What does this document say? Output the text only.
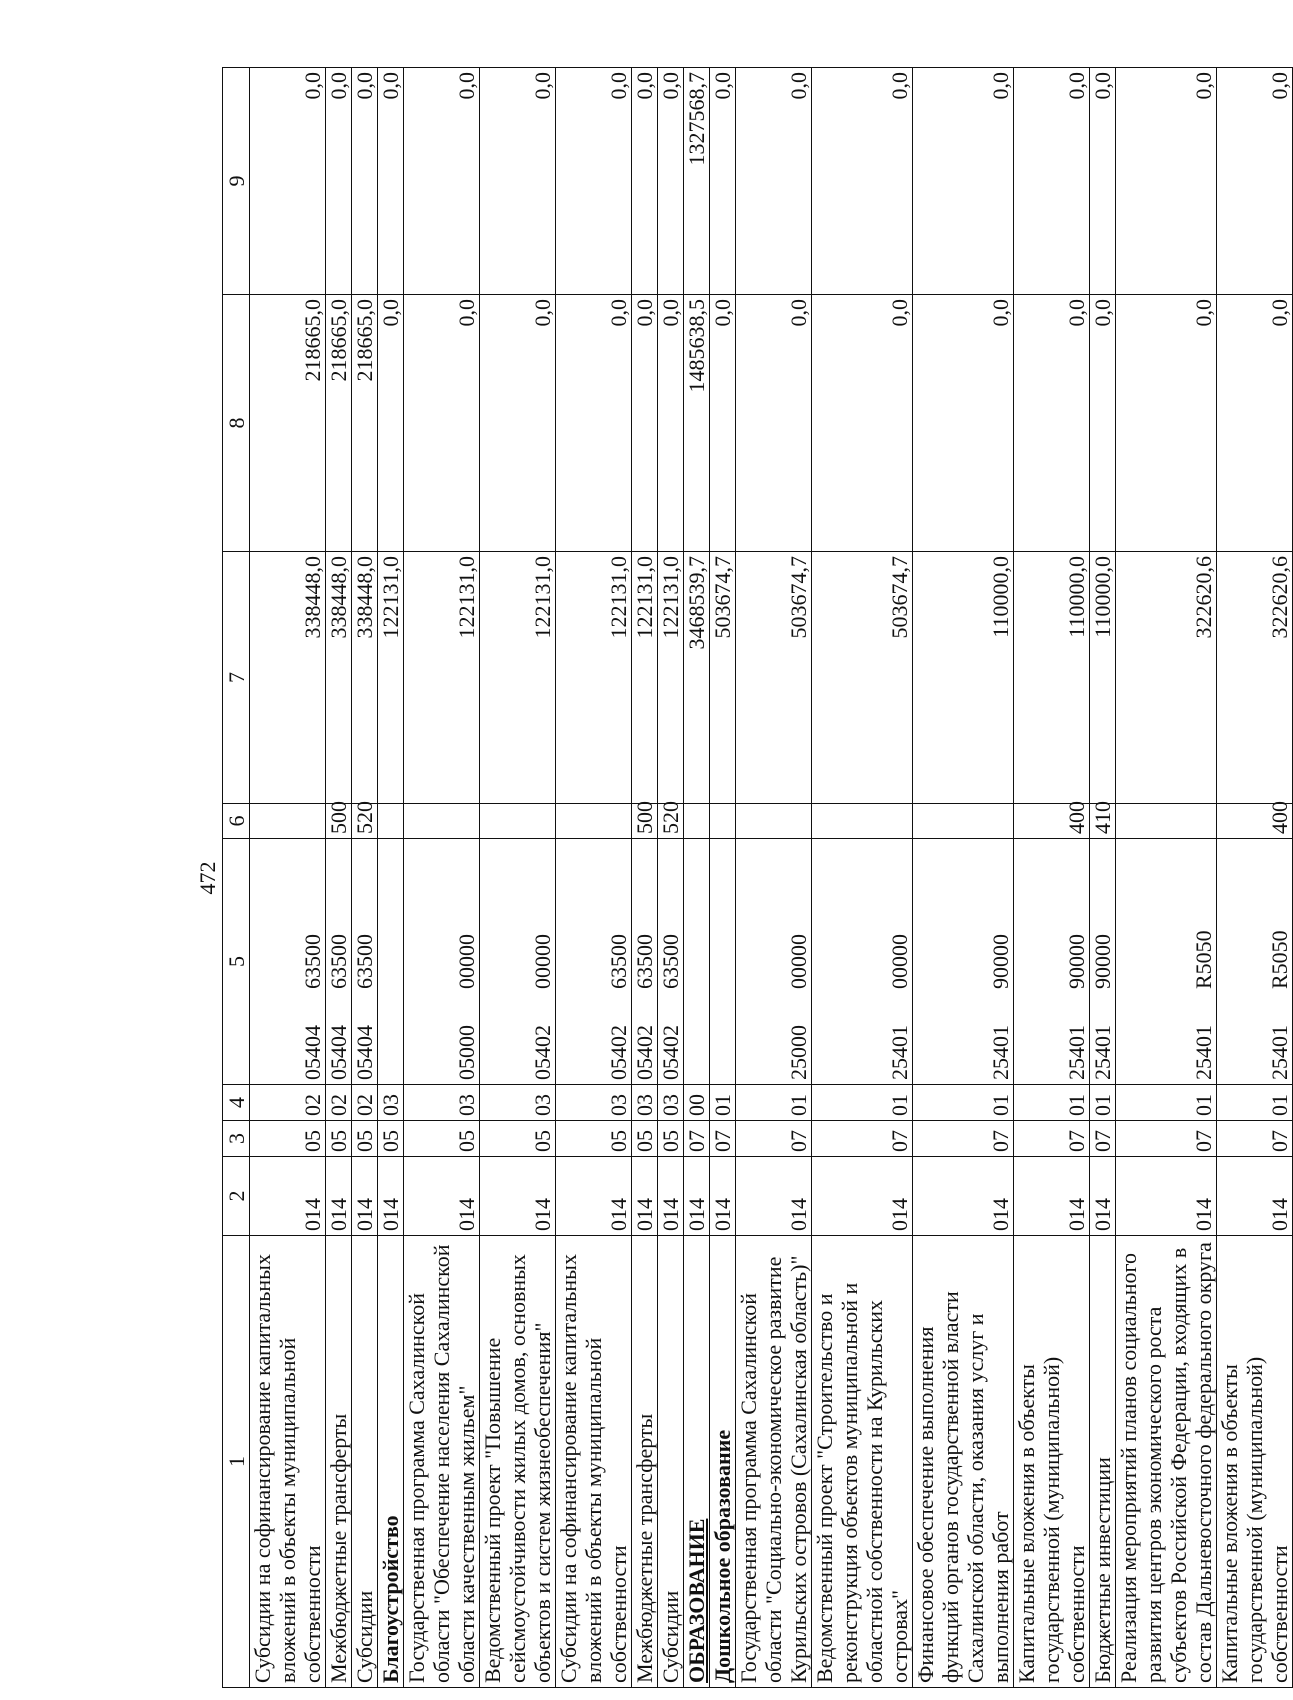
472
1	2	3	4	5	6	7	8	9
Субсидии на софинансирование капитальных вложений в объекты муниципальной собственности	014	05	02	0540463500		338448,0	218665,0	0,0
Межбюджетные трансферты	014	05	02	0540463500	500	338448,0	218665,0	0,0
Субсидии	014	05	02	0540463500	520	338448,0	218665,0	0,0
Благоустройство	014	05	03			122131,0	0,0	0,0
Государственная программа Сахалинской области "Обеспечение населения Сахалинской области качественным жильем"	014	05	03	0500000000		122131,0	0,0	0,0
Ведомственный проект "Повышение сейсмоустойчивости жилых домов, основных объектов и систем жизнеобеспечения"	014	05	03	0540200000		122131,0	0,0	0,0
Субсидии на софинансирование капитальных вложений в объекты муниципальной собственности	014	05	03	0540263500		122131,0	0,0	0,0
Межбюджетные трансферты	014	05	03	0540263500	500	122131,0	0,0	0,0
Субсидии	014	05	03	0540263500	520	122131,0	0,0	0,0
ОБРАЗОВАНИЕ	014	07	00			3468539,7	1485638,5	1327568,7
Дошкольное образование	014	07	01			503674,7	0,0	0,0
Государственная программа Сахалинской области "Социально-экономическое развитие Курильских островов (Сахалинская область)"	014	07	01	2500000000		503674,7	0,0	0,0
Ведомственный проект "Строительство и реконструкция объектов муниципальной и областной собственности на Курильских островах"	014	07	01	2540100000		503674,7	0,0	0,0
Финансовое обеспечение выполнения функций органов государственной власти Сахалинской области, оказания услуг и выполнения работ	014	07	01	2540190000		110000,0	0,0	0,0
Капитальные вложения в объекты государственной (муниципальной) собственности	014	07	01	2540190000	400	110000,0	0,0	0,0
Бюджетные инвестиции	014	07	01	2540190000	410	110000,0	0,0	0,0
Реализация мероприятий планов социального развития центров экономического роста субъектов Российской Федерации, входящих в состав Дальневосточного федерального округа	014	07	01	25401R5050		322620,6	0,0	0,0
Капитальные вложения в объекты государственной (муниципальной) собственности	014	07	01	25401R5050	400	322620,6	0,0	0,0
